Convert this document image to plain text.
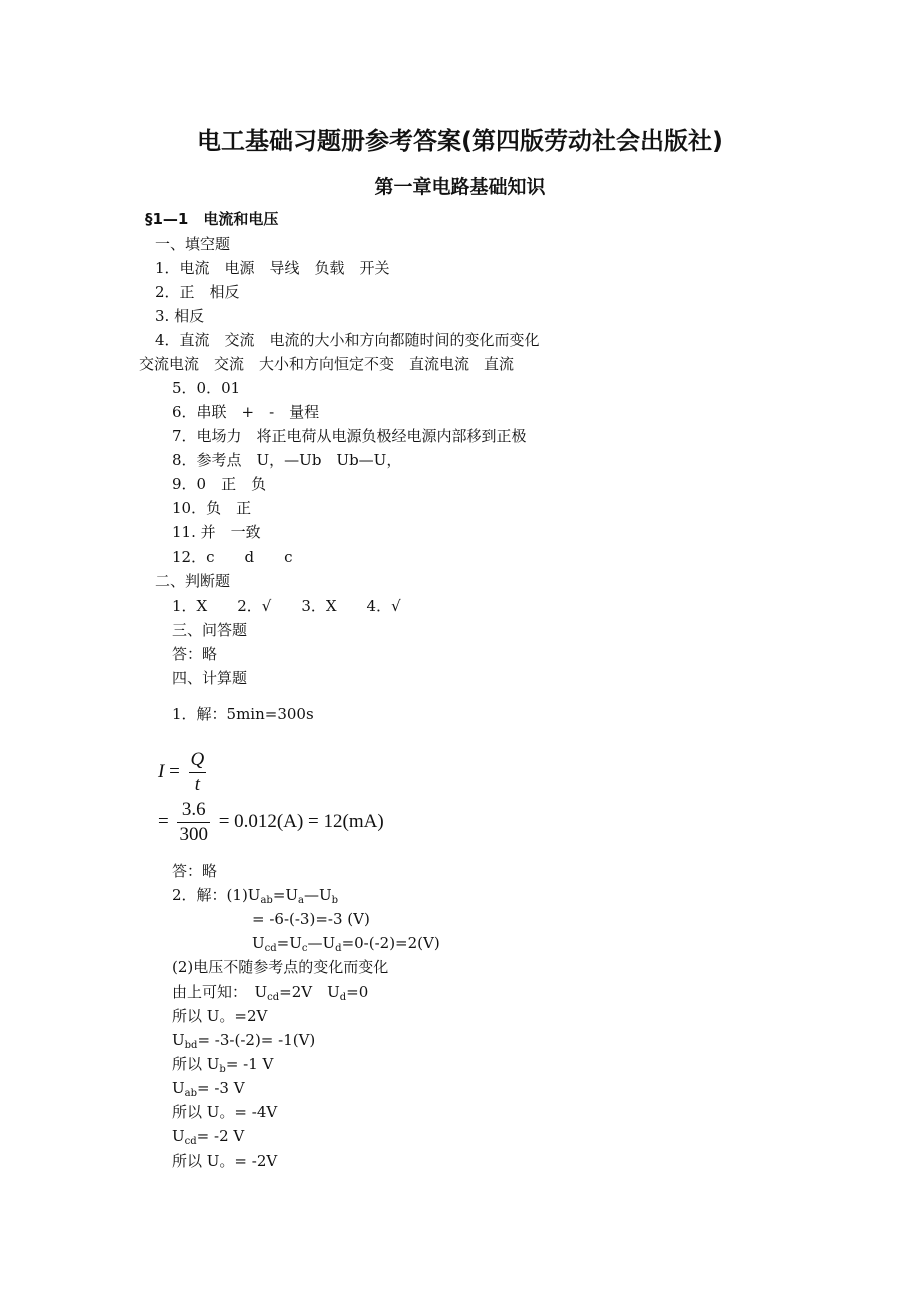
电工基础习题册参考答案(第四版劳动社会出版社)
第一章电路基础知识
§1—1　电流和电压
一、填空题
1．电流　电源　导线　负载　开关
2．正　相反
3. 相反
4．直流　交流　电流的大小和方向都随时间的变化而变化
交流电流　交流　大小和方向恒定不变　直流电流　直流
5．0．01
6．串联　+　-　量程
7．电场力　将正电荷从电源负极经电源内部移到正极
8．参考点　U，—Ub　Ub—U，
9．0　正　负
10．负　正
11. 并　一致
12．c　　d　　c
二、判断题
1．X　　2．√　　3．X　　4．√
三、问答题
答：略
四、计算题
1．解：5min=300s
$I = \frac{Q}{t}$
= $\frac{3.6}{300} = 0.012(A) = 12(mA)$
答：略
2．解：$(1)U_{ab}=U_a—U_b$
= -6-(-3)=-3 (V)
$U_{cd}=U_c—U_d=0-(-2)=2(V)$
(2)电压不随参考点的变化而变化
由上可知：　$U_{cd}=2V$　$U_d=0$
所以 U。=2V
$U_{bd}= -3-(-2)= -1(V)$
所以 $U_b= -1$ V
$U_{ab}= -3$ V
所以 U。= -4V
$U_{cd}= -2$ V
所以 U。= -2V
